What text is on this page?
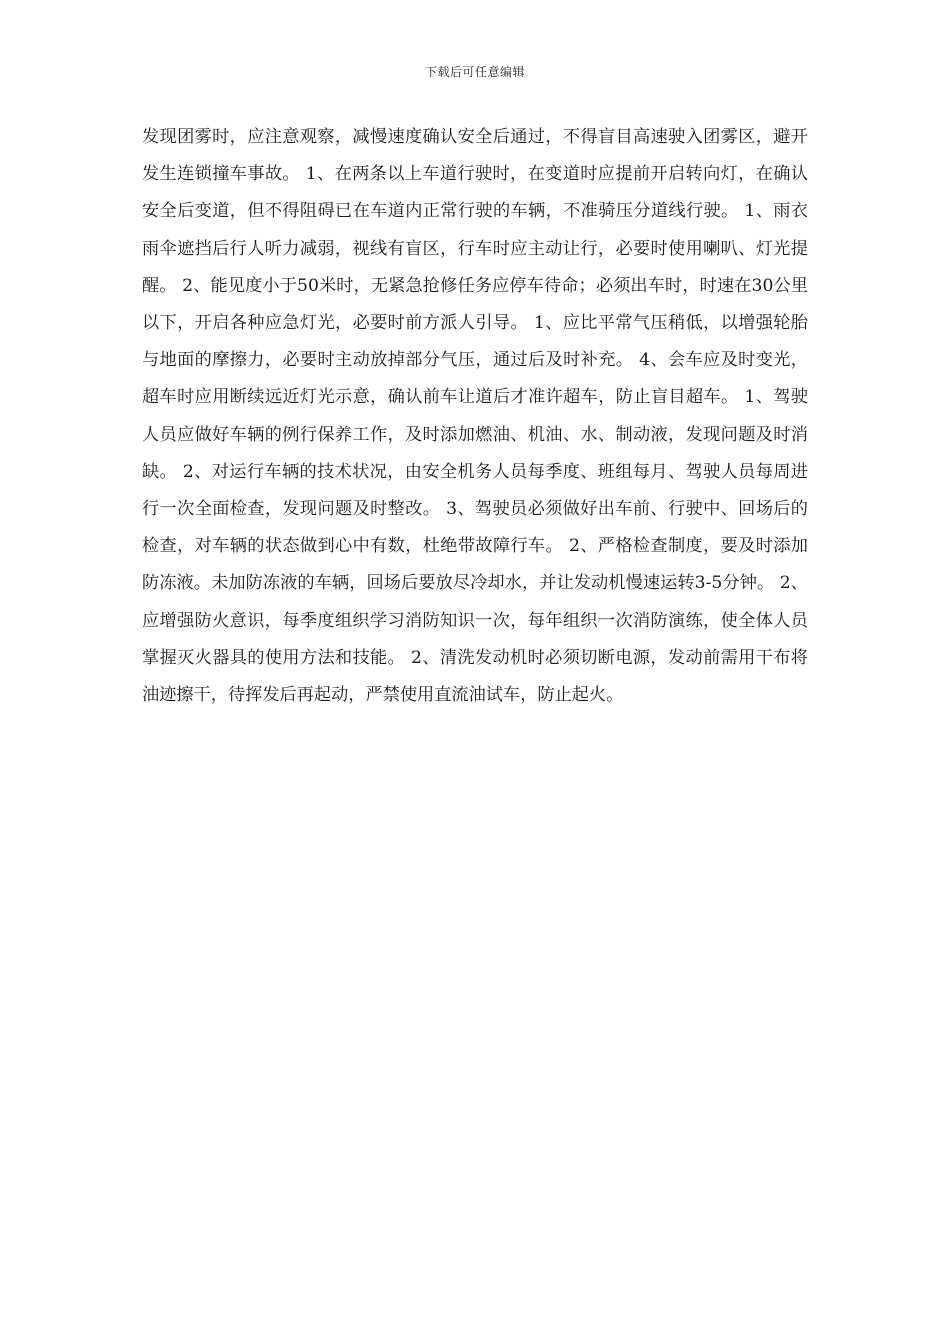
下载后可任意编辑

发现团雾时，应注意观察，减慢速度确认安全后通过，不得盲目高速驶入团雾区，避开发生连锁撞车事故。 1、在两条以上车道行驶时，在变道时应提前开启转向灯，在确认安全后变道，但不得阻碍已在车道内正常行驶的车辆，不准骑压分道线行驶。 1、雨衣雨伞遮挡后行人听力减弱，视线有盲区，行车时应主动让行，必要时使用喇叭、灯光提醒。 2、能见度小于50米时，无紧急抢修任务应停车待命；必须出车时，时速在30公里以下，开启各种应急灯光，必要时前方派人引导。 1、应比平常气压稍低，以增强轮胎与地面的摩擦力，必要时主动放掉部分气压，通过后及时补充。 4、会车应及时变光，超车时应用断续远近灯光示意，确认前车让道后才准许超车，防止盲目超车。 1、驾驶人员应做好车辆的例行保养工作，及时添加燃油、机油、水、制动液，发现问题及时消缺。 2、对运行车辆的技术状况，由安全机务人员每季度、班组每月、驾驶人员每周进行一次全面检查，发现问题及时整改。 3、驾驶员必须做好出车前、行驶中、回场后的检查，对车辆的状态做到心中有数，杜绝带故障行车。 2、严格检查制度，要及时添加防冻液。未加防冻液的车辆，回场后要放尽冷却水，并让发动机慢速运转3-5分钟。 2、应增强防火意识，每季度组织学习消防知识一次，每年组织一次消防演练，使全体人员掌握灭火器具的使用方法和技能。 2、清洗发动机时必须切断电源，发动前需用干布将油迹擦干，待挥发后再起动，严禁使用直流油试车，防止起火。
